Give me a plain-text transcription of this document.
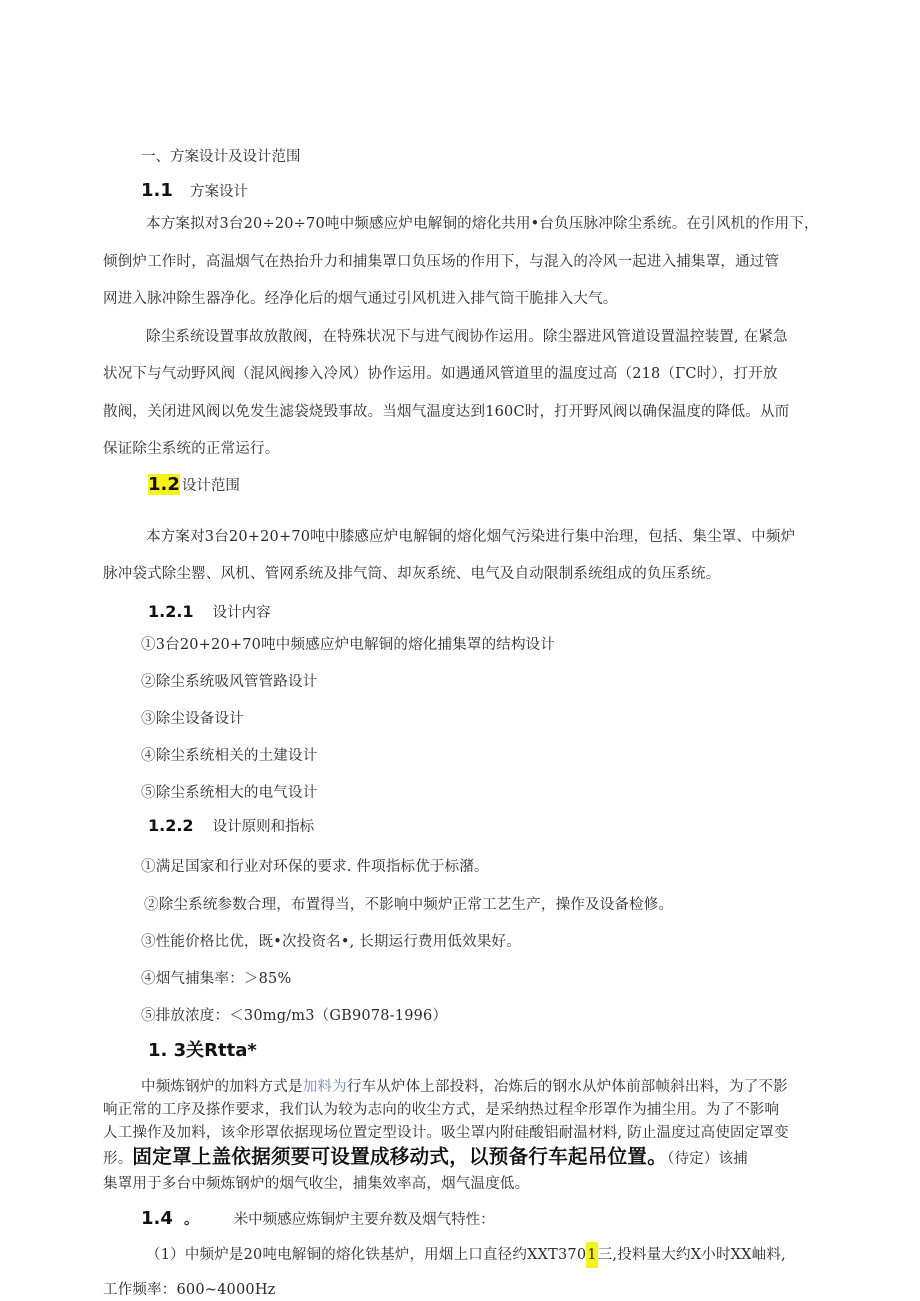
一、方案设计及设计范围
1.1 方案设计
本方案拟对3台20÷20÷70吨中频感应炉电解铜的熔化共用•台负压脉冲除尘系统。在引风机的作用下，
倾倒炉工作时，高温烟气在热抬升力和捕集罩口负压场的作用下，与混入的冷风一起进入捕集罩，通过管
网进入脉冲除生器净化。经净化后的烟气通过引风机进入排气筒干脆排入大气。
除尘系统设置事故放散阀，在特殊状况下与进气阀协作运用。除尘器进风管道设置温控装置, 在紧急
状况下与气动野风阀（混风阀掺入冷风）协作运用。如遇通风管道里的温度过高（218（ΓC时），打开放
散阀，关闭进风阀以免发生滤袋烧毁事故。当烟气温度达到160C时，打开野风阀以确保温度的降低。从而
保证除尘系统的正常运行。
1.2 设计范围
本方案对3台20+20+70吨中膝感应炉电解铜的熔化烟气污染进行集中治理，包括、集尘罩、中频炉
脉冲袋式除尘罂、风机、管网系统及排气筒、却灰系统、电气及自动限制系统组成的负压系统。
1.2.1 设计内容
①3台20+20+70吨中频感应炉电解铜的熔化捕集罩的结构设计
②除尘系统吸风管管路设计
③除尘设备设计
④除尘系统相关的土建设计
⑤除尘系统相大的电气设计
1.2.2 设计原则和指标
①满足国家和行业对环保的要求. 件项指标优于标潴。
②除尘系统参数合理，布置得当，不影响中频炉正常工艺生产，操作及设备检修。
③性能价格比优，既•次投资名•, 长期运行费用低效果好。
④烟气捕集率：＞85%
⑤排放浓度：＜30mg∕m3（GB9078-1996）
1. 3关Rtta*
中频炼钢炉的加料方式是加料为行车从炉体上部投料，冶炼后的钢水从炉体前部帧斜出料，为了不影
响正常的工序及搽作要求，我们认为较为志向的收尘方式，是采纳热过程伞形罩作为捕尘用。为了不影响
人工操作及加料，该伞形罩依据现场位置定型设计。吸尘罩内附硅酸铝耐温材料, 防止温度过高使固定罩变
形。固定罩上盖依据须要可设置成移动式，以预备行车起吊位置。（待定）该捕
集罩用于多台中频炼钢炉的烟气收尘，捕集效率高，烟气温度低。
1.4 。 米中频感应炼铜炉主要弁数及烟气特性：
（1）中频炉是20吨电解铜的熔化铁基炉，用烟上口直径约XXT3701三,投料量大约X小时XX岫料,
工作频率：600~4000Hz
